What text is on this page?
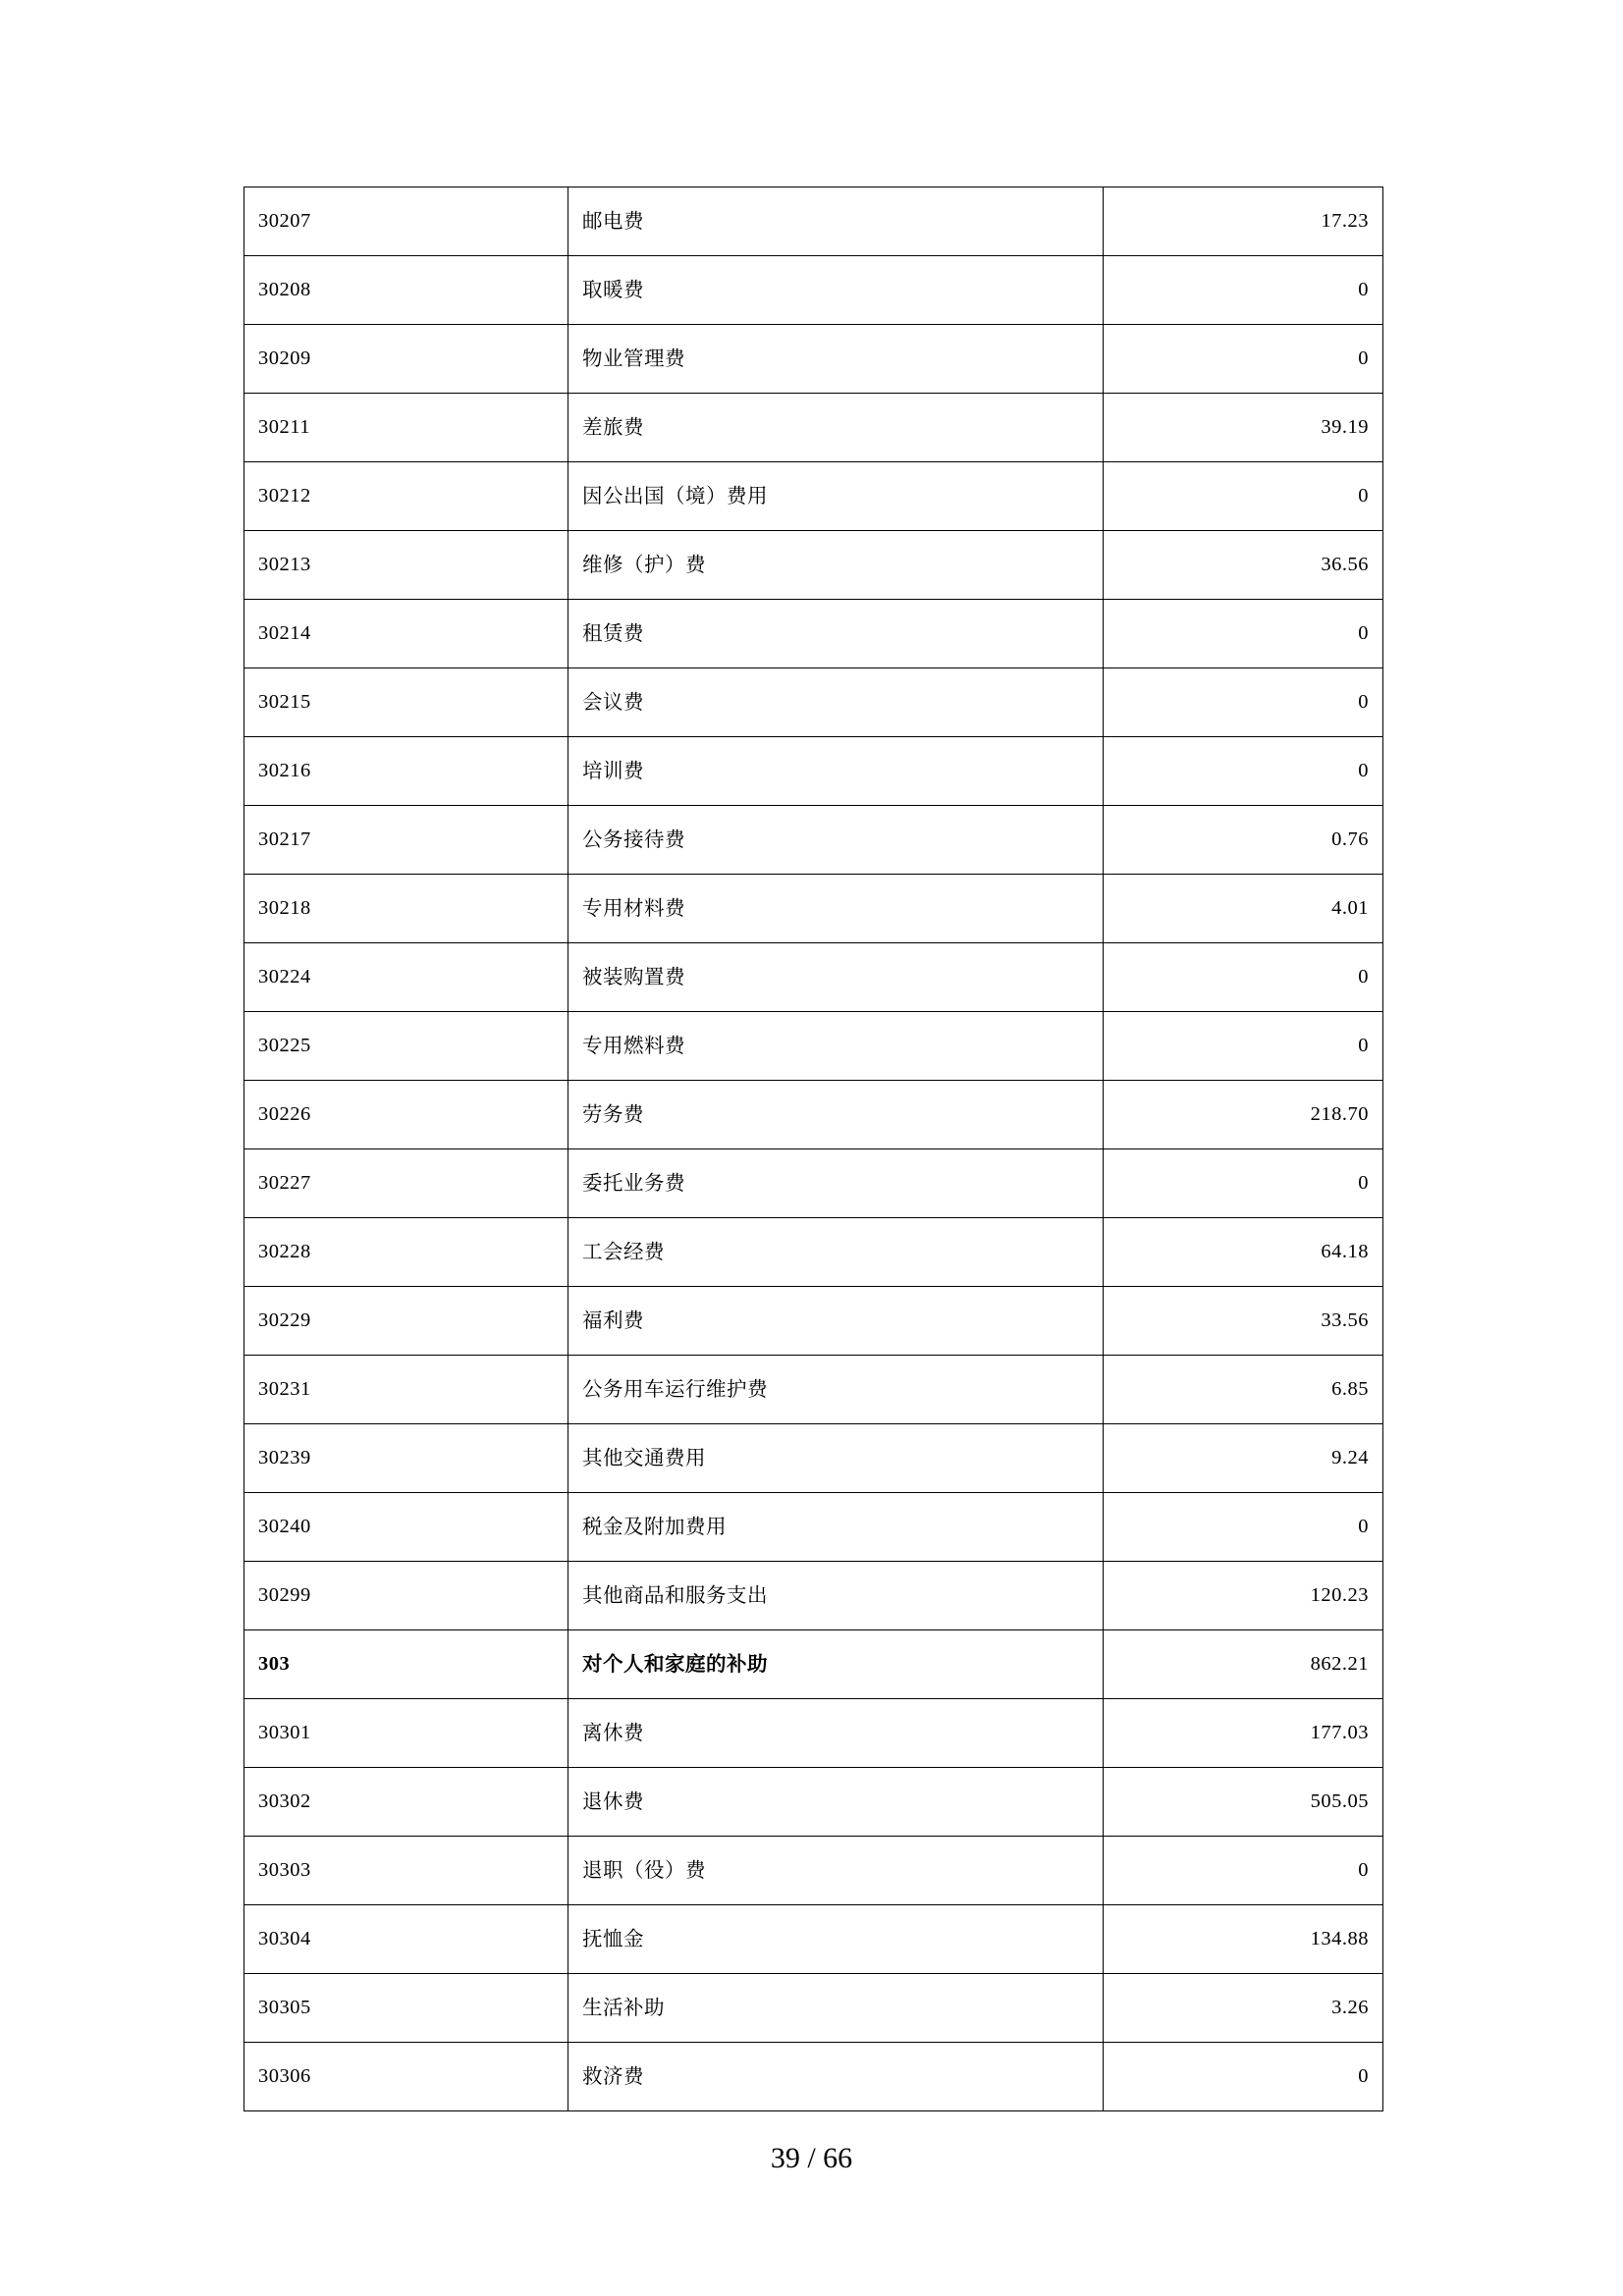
30207	邮电费	17.23
30208	取暖费	0
30209	物业管理费	0
30211	差旅费	39.19
30212	因公出国（境）费用	0
30213	维修（护）费	36.56
30214	租赁费	0
30215	会议费	0
30216	培训费	0
30217	公务接待费	0.76
30218	专用材料费	4.01
30224	被装购置费	0
30225	专用燃料费	0
30226	劳务费	218.70
30227	委托业务费	0
30228	工会经费	64.18
30229	福利费	33.56
30231	公务用车运行维护费	6.85
30239	其他交通费用	9.24
30240	税金及附加费用	0
30299	其他商品和服务支出	120.23
303	对个人和家庭的补助	862.21
30301	离休费	177.03
30302	退休费	505.05
30303	退职（役）费	0
30304	抚恤金	134.88
30305	生活补助	3.26
30306	救济费	0
39 / 66
